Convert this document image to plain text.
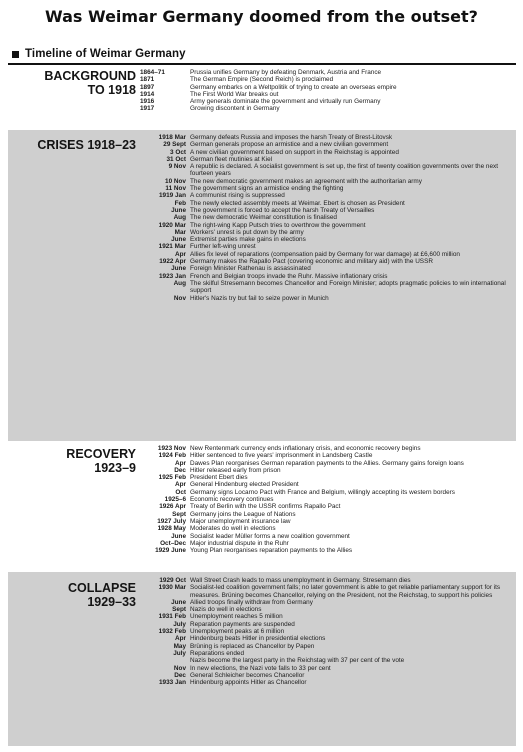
Was Weimar Germany doomed from the outset?
Timeline of Weimar Germany
BACKGROUND
TO 1918
1864–71	Prussia unifies Germany by defeating Denmark, Austria and France
1871	The German Empire (Second Reich) is proclaimed
1897	Germany embarks on a Weltpolitik of trying to create an overseas empire
1914	The First World War breaks out
1916	Army generals dominate the government and virtually run Germany
1917	Growing discontent in Germany
CRISES 1918–23
1918 Mar Germany defeats Russia and imposes the harsh Treaty of Brest-Litovsk
29 Sept German generals propose an armistice and a new civilian government
3 Oct A new civilian government based on support in the Reichstag is appointed
31 Oct German fleet mutinies at Kiel
9 Nov A republic is declared. A socialist government is set up, the first of twenty coalition governments over the next fourteen years
10 Nov The new democratic government makes an agreement with the authoritarian army
11 Nov The government signs an armistice ending the fighting
1919 Jan A communist rising is suppressed
Feb The newly elected assembly meets at Weimar. Ebert is chosen as President
June The government is forced to accept the harsh Treaty of Versailles
Aug The new democratic Weimar constitution is finalised
1920 Mar The right-wing Kapp Putsch tries to overthrow the government
Mar Workers' unrest is put down by the army
June Extremist parties make gains in elections
1921 Mar Further left-wing unrest
Apr Allies fix level of reparations (compensation paid by Germany for war damage) at £6,600 million
1922 Apr Germany makes the Rapallo Pact (covering economic and military aid) with the USSR
June Foreign Minister Rathenau is assassinated
1923 Jan French and Belgian troops invade the Ruhr. Massive inflationary crisis
Aug The skilful Stresemann becomes Chancellor and Foreign Minister; adopts pragmatic policies to win international support
Nov Hitler's Nazis try but fail to seize power in Munich
RECOVERY
1923–9
1923 Nov New Rentenmark currency ends inflationary crisis, and economic recovery begins
1924 Feb Hitler sentenced to five years' imprisonment in Landsberg Castle
Apr Dawes Plan reorganises German reparation payments to the Allies. Germany gains foreign loans
Dec Hitler released early from prison
1925 Feb President Ebert dies
Apr General Hindenburg elected President
Oct Germany signs Locarno Pact with France and Belgium, willingly accepting its western borders
1925–6 Economic recovery continues
1926 Apr Treaty of Berlin with the USSR confirms Rapallo Pact
Sept Germany joins the League of Nations
1927 July Major unemployment insurance law
1928 May Moderates do well in elections
June Socialist leader Müller forms a new coalition government
Oct–Dec Major industrial dispute in the Ruhr
1929 June Young Plan reorganises reparation payments to the Allies
COLLAPSE
1929–33
1929 Oct Wall Street Crash leads to mass unemployment in Germany. Stresemann dies
1930 Mar Socialist-led coalition government falls; no later government is able to get reliable parliamentary support for its measures. Brüning becomes Chancellor, relying on the President, not the Reichstag, to support his policies
June Allied troops finally withdraw from Germany
Sept Nazis do well in elections
1931 Feb Unemployment reaches 5 million
July Reparation payments are suspended
1932 Feb Unemployment peaks at 6 million
Apr Hindenburg beats Hitler in presidential elections
May Brüning is replaced as Chancellor by Papen
July Reparations ended
Nazis become the largest party in the Reichstag with 37 per cent of the vote
Nov In new elections, the Nazi vote falls to 33 per cent
Dec General Schleicher becomes Chancellor
1933 Jan Hindenburg appoints Hitler as Chancellor
